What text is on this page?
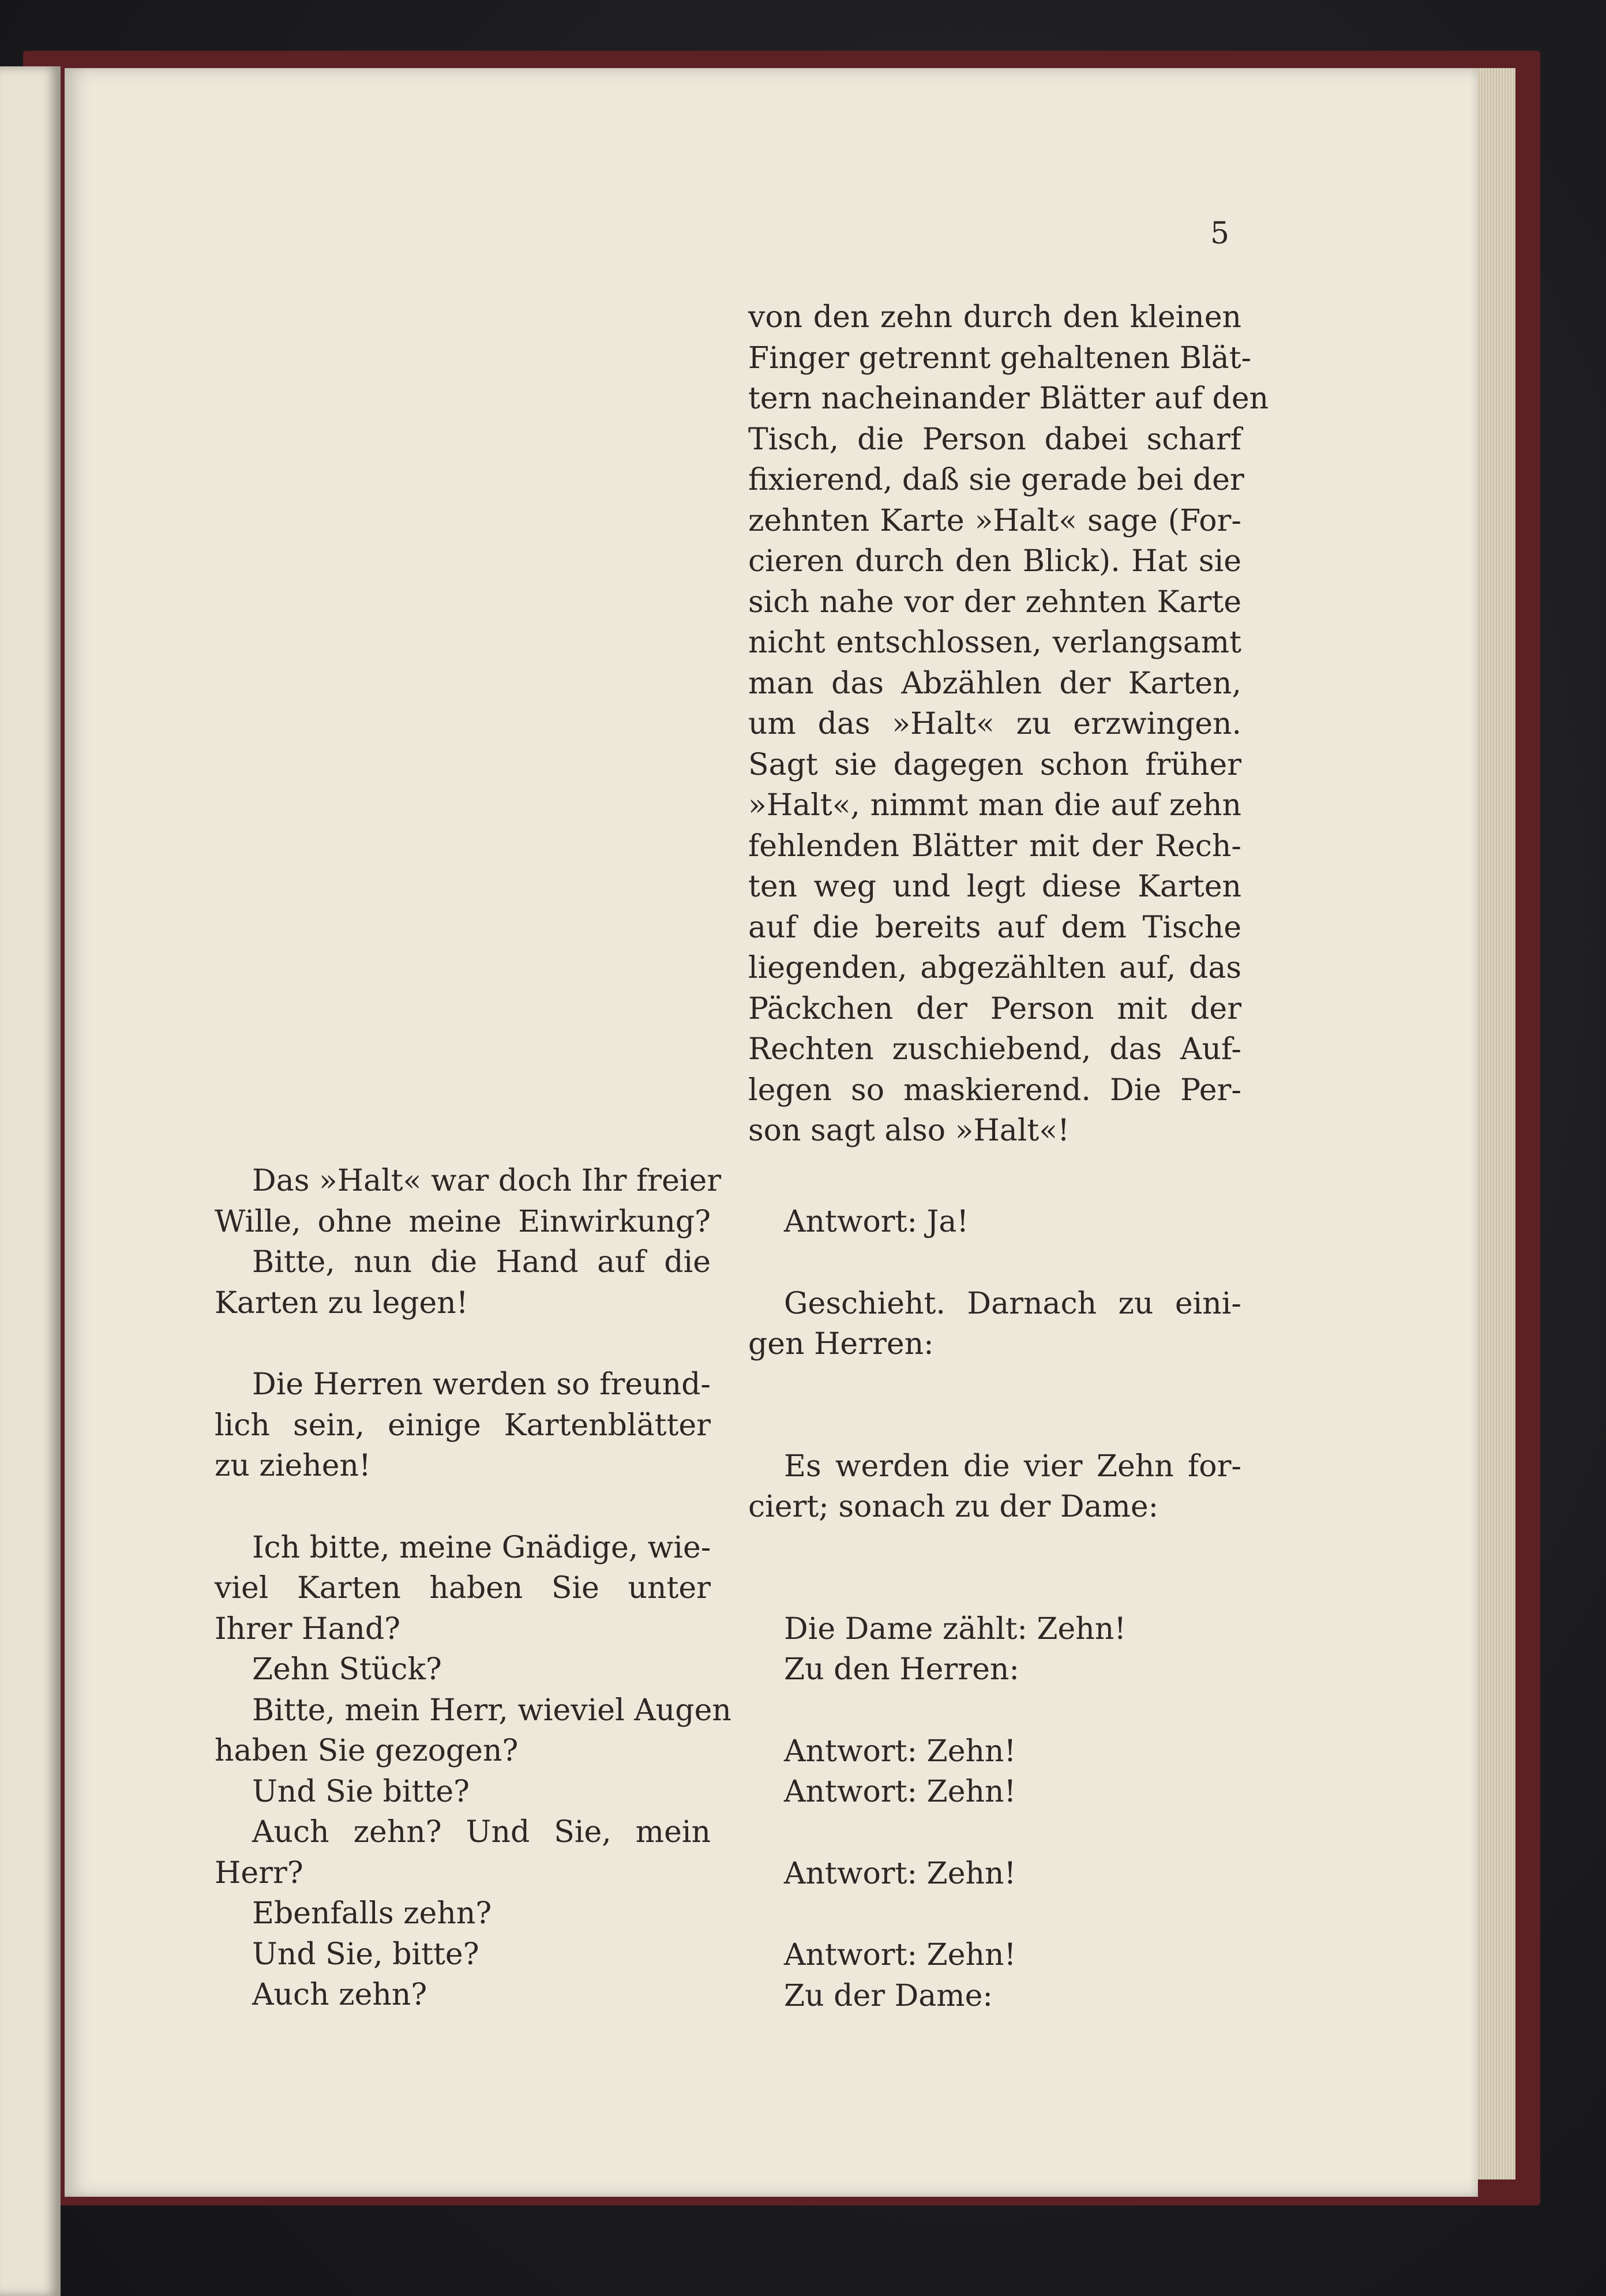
5
von den zehn durch den kleinen
Finger getrennt gehaltenen Blät-
tern nacheinander Blätter auf den
Tisch, die Person dabei scharf
fixierend, daß sie gerade bei der
zehnten Karte »Halt« sage (For-
cieren durch den Blick). Hat sie
sich nahe vor der zehnten Karte
nicht entschlossen, verlangsamt
man das Abzählen der Karten,
um das »Halt« zu erzwingen.
Sagt sie dagegen schon früher
»Halt«, nimmt man die auf zehn
fehlenden Blätter mit der Rech-
ten weg und legt diese Karten
auf die bereits auf dem Tische
liegenden, abgezählten auf, das
Päckchen der Person mit der
Rechten zuschiebend, das Auf-
legen so maskierend. Die Per-
son sagt also »Halt«!
Das »Halt« war doch Ihr freier
Wille, ohne meine Einwirkung?
Bitte, nun die Hand auf die
Karten zu legen!
Die Herren werden so freund-
lich sein, einige Kartenblätter
zu ziehen!
Ich bitte, meine Gnädige, wie-
viel Karten haben Sie unter
Ihrer Hand?
Zehn Stück?
Bitte, mein Herr, wieviel Augen
haben Sie gezogen?
Und Sie bitte?
Auch zehn? Und Sie, mein
Herr?
Ebenfalls zehn?
Und Sie, bitte?
Auch zehn?
Antwort: Ja!
Geschieht. Darnach zu eini-
gen Herren:
Es werden die vier Zehn for-
ciert; sonach zu der Dame:
Die Dame zählt: Zehn!
Zu den Herren:
Antwort: Zehn!
Antwort: Zehn!
Antwort: Zehn!
Antwort: Zehn!
Zu der Dame:
